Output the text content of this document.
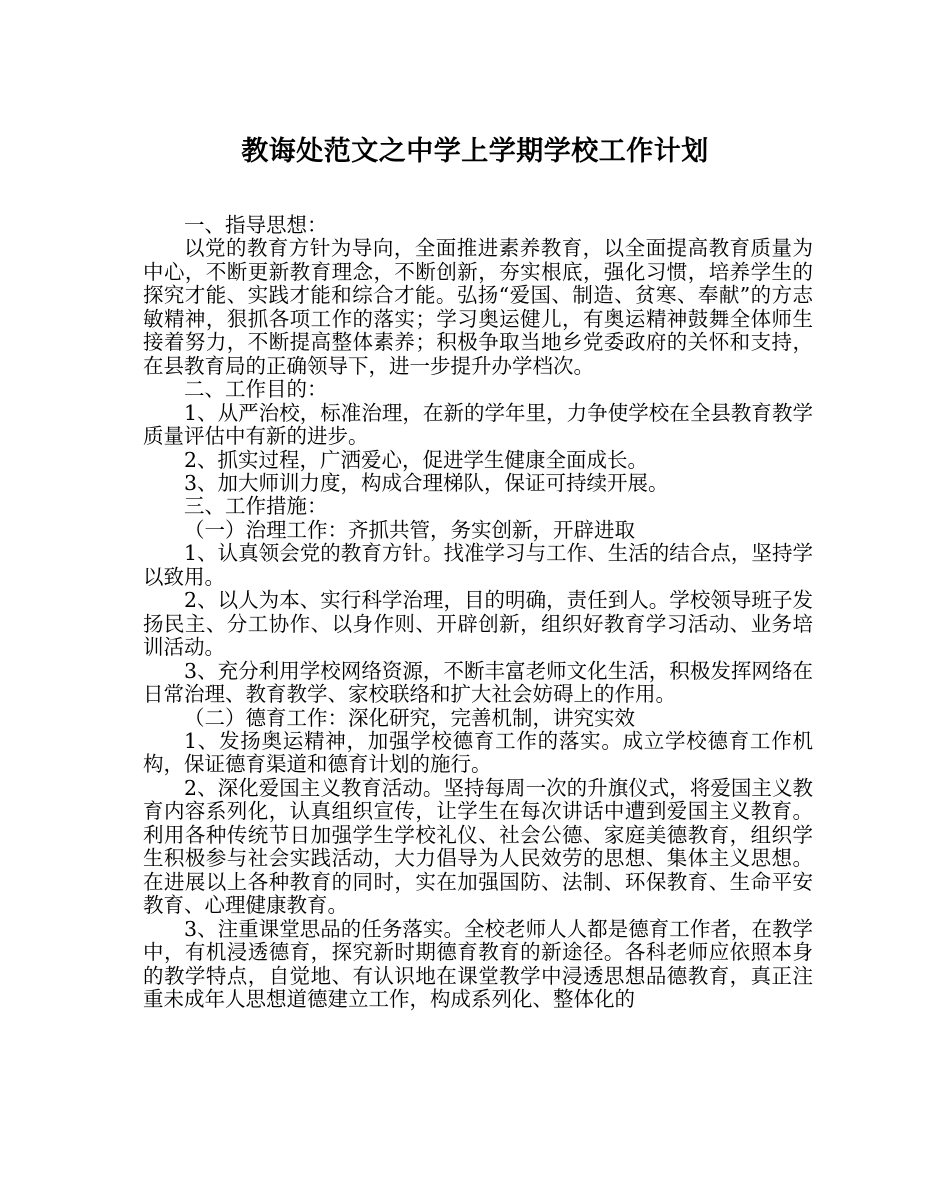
教诲处范文之中学上学期学校工作计划

一、指导思想：

以党的教育方针为导向，全面推进素养教育，以全面提高教育质量为中心，不断更新教育理念，不断创新，夯实根底，强化习惯，培养学生的探究才能、实践才能和综合才能。弘扬“爱国、制造、贫寒、奉献”的方志敏精神，狠抓各项工作的落实；学习奥运健儿，有奥运精神鼓舞全体师生接着努力，不断提高整体素养；积极争取当地乡党委政府的关怀和支持，在县教育局的正确领导下，进一步提升办学档次。

二、工作目的：

1、从严治校，标准治理，在新的学年里，力争使学校在全县教育教学质量评估中有新的进步。

2、抓实过程，广洒爱心，促进学生健康全面成长。

3、加大师训力度，构成合理梯队，保证可持续开展。

三、工作措施：

（一）治理工作：齐抓共管，务实创新，开辟进取

1、认真领会党的教育方针。找准学习与工作、生活的结合点，坚持学以致用。

2、以人为本、实行科学治理，目的明确，责任到人。学校领导班子发扬民主、分工协作、以身作则、开辟创新，组织好教育学习活动、业务培训活动。

3、充分利用学校网络资源，不断丰富老师文化生活，积极发挥网络在日常治理、教育教学、家校联络和扩大社会妨碍上的作用。

（二）德育工作：深化研究，完善机制，讲究实效

1、发扬奥运精神，加强学校德育工作的落实。成立学校德育工作机构，保证德育渠道和德育计划的施行。

2、深化爱国主义教育活动。坚持每周一次的升旗仪式，将爱国主义教育内容系列化，认真组织宣传，让学生在每次讲话中遭到爱国主义教育。利用各种传统节日加强学生学校礼仪、社会公德、家庭美德教育，组织学生积极参与社会实践活动，大力倡导为人民效劳的思想、集体主义思想。在进展以上各种教育的同时，实在加强国防、法制、环保教育、生命平安教育、心理健康教育。

3、注重课堂思品的任务落实。全校老师人人都是德育工作者，在教学中，有机浸透德育，探究新时期德育教育的新途径。各科老师应依照本身的教学特点，自觉地、有认识地在课堂教学中浸透思想品德教育，真正注重未成年人思想道德建立工作，构成系列化、整体化的
